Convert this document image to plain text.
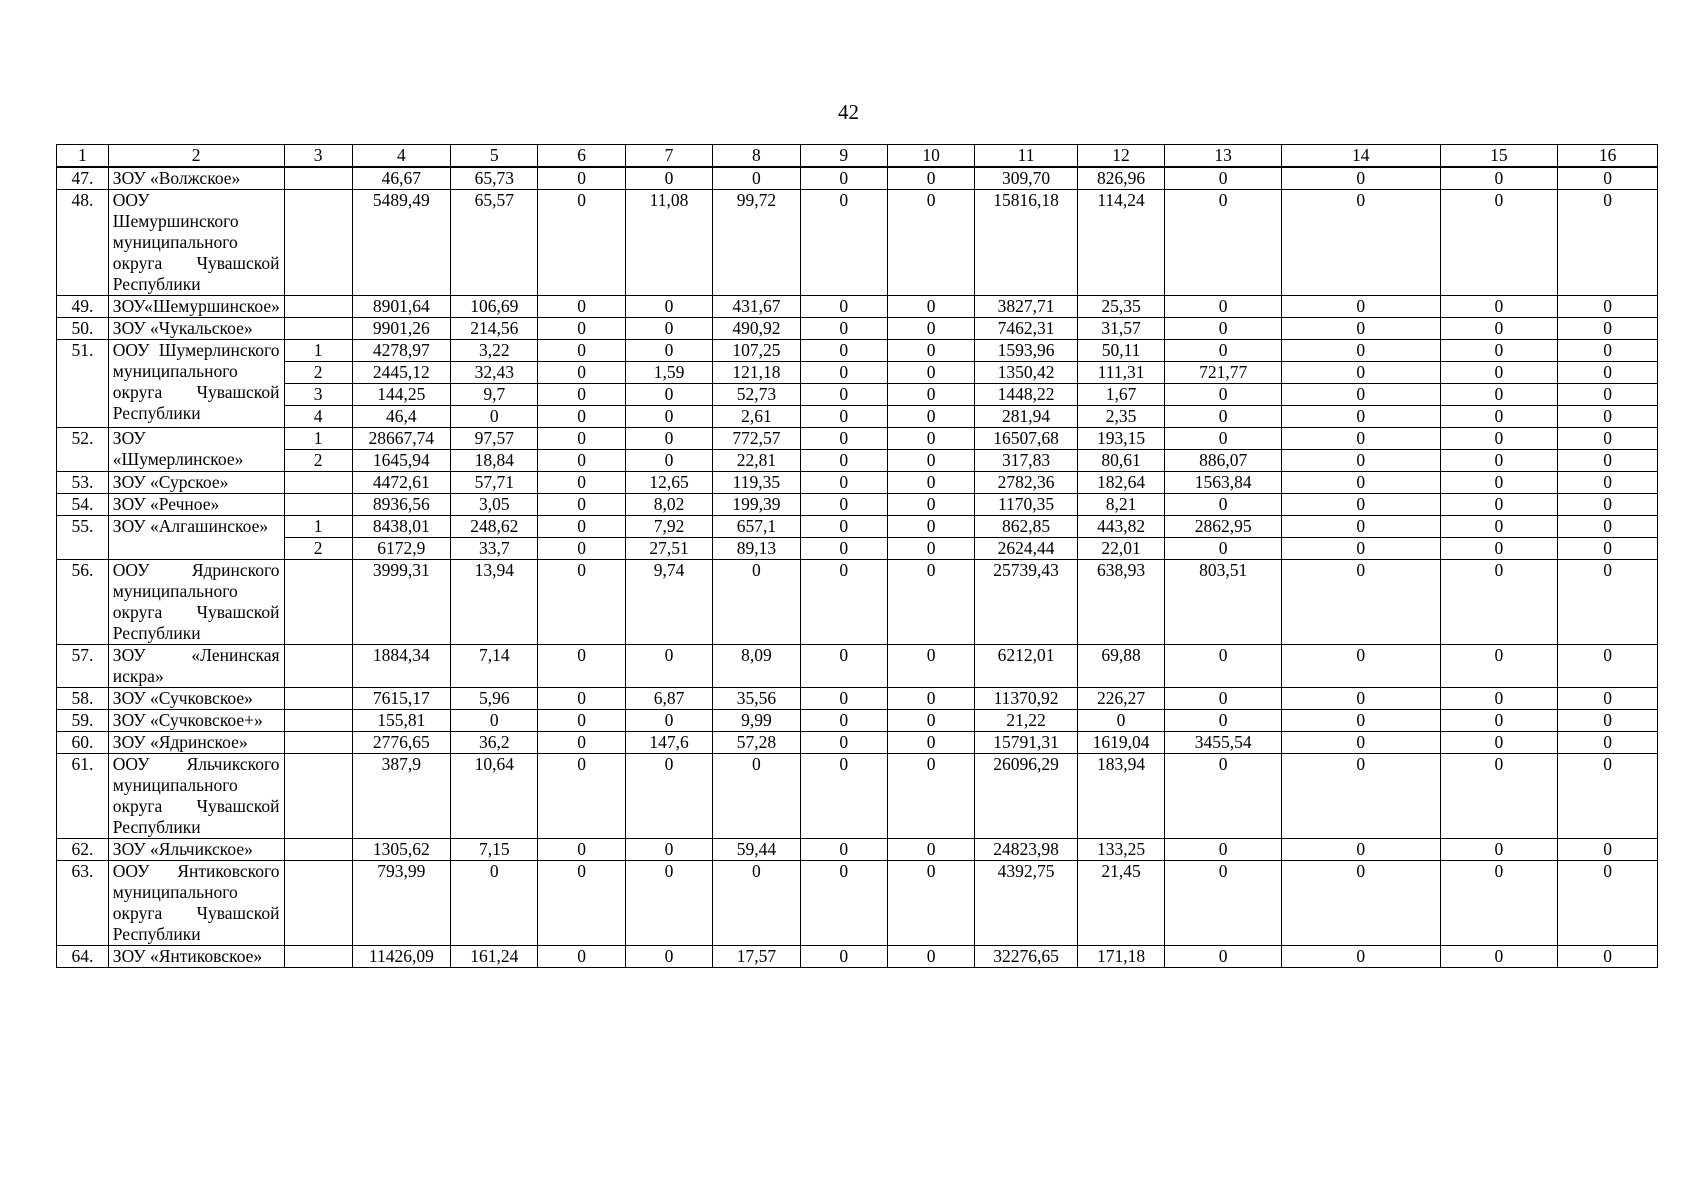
42
1	2	3	4	5	6	7	8	9	10	11	12	13	14	15	16
47.	ЗОУ «Волжское»		46,67	65,73	0	0	0	0	0	309,70	826,96	0	0	0	0
48.	ООУ Шемуршинского муниципального округа Чувашской Республики		5489,49	65,57	0	11,08	99,72	0	0	15816,18	114,24	0	0	0	0
49.	ЗОУ«Шемуршинское»		8901,64	106,69	0	0	431,67	0	0	3827,71	25,35	0	0	0	0
50.	ЗОУ «Чукальское»		9901,26	214,56	0	0	490,92	0	0	7462,31	31,57	0	0	0	0
51.	ООУ Шумерлинского муниципального округа Чувашской Республики	1	4278,97	3,22	0	0	107,25	0	0	1593,96	50,11	0	0	0	0
		2	2445,12	32,43	0	1,59	121,18	0	0	1350,42	111,31	721,77	0	0	0
		3	144,25	9,7	0	0	52,73	0	0	1448,22	1,67	0	0	0	0
		4	46,4	0	0	0	2,61	0	0	281,94	2,35	0	0	0	0
52.	ЗОУ «Шумерлинское»	1	28667,74	97,57	0	0	772,57	0	0	16507,68	193,15	0	0	0	0
		2	1645,94	18,84	0	0	22,81	0	0	317,83	80,61	886,07	0	0	0
53.	ЗОУ «Сурское»		4472,61	57,71	0	12,65	119,35	0	0	2782,36	182,64	1563,84	0	0	0
54.	ЗОУ «Речное»		8936,56	3,05	0	8,02	199,39	0	0	1170,35	8,21	0	0	0	0
55.	ЗОУ «Алгашинское»	1	8438,01	248,62	0	7,92	657,1	0	0	862,85	443,82	2862,95	0	0	0
		2	6172,9	33,7	0	27,51	89,13	0	0	2624,44	22,01	0	0	0	0
56.	ООУ Ядринского муниципального округа Чувашской Республики		3999,31	13,94	0	9,74	0	0	0	25739,43	638,93	803,51	0	0	0
57.	ЗОУ «Ленинская искра»		1884,34	7,14	0	0	8,09	0	0	6212,01	69,88	0	0	0	0
58.	ЗОУ «Сучковское»		7615,17	5,96	0	6,87	35,56	0	0	11370,92	226,27	0	0	0	0
59.	ЗОУ «Сучковское+»		155,81	0	0	0	9,99	0	0	21,22	0	0	0	0	0
60.	ЗОУ «Ядринское»		2776,65	36,2	0	147,6	57,28	0	0	15791,31	1619,04	3455,54	0	0	0
61.	ООУ Яльчикского муниципального округа Чувашской Республики		387,9	10,64	0	0	0	0	0	26096,29	183,94	0	0	0	0
62.	ЗОУ «Яльчикское»		1305,62	7,15	0	0	59,44	0	0	24823,98	133,25	0	0	0	0
63.	ООУ Янтиковского муниципального округа Чувашской Республики		793,99	0	0	0	0	0	0	4392,75	21,45	0	0	0	0
64.	ЗОУ «Янтиковское»		11426,09	161,24	0	0	17,57	0	0	32276,65	171,18	0	0	0	0
